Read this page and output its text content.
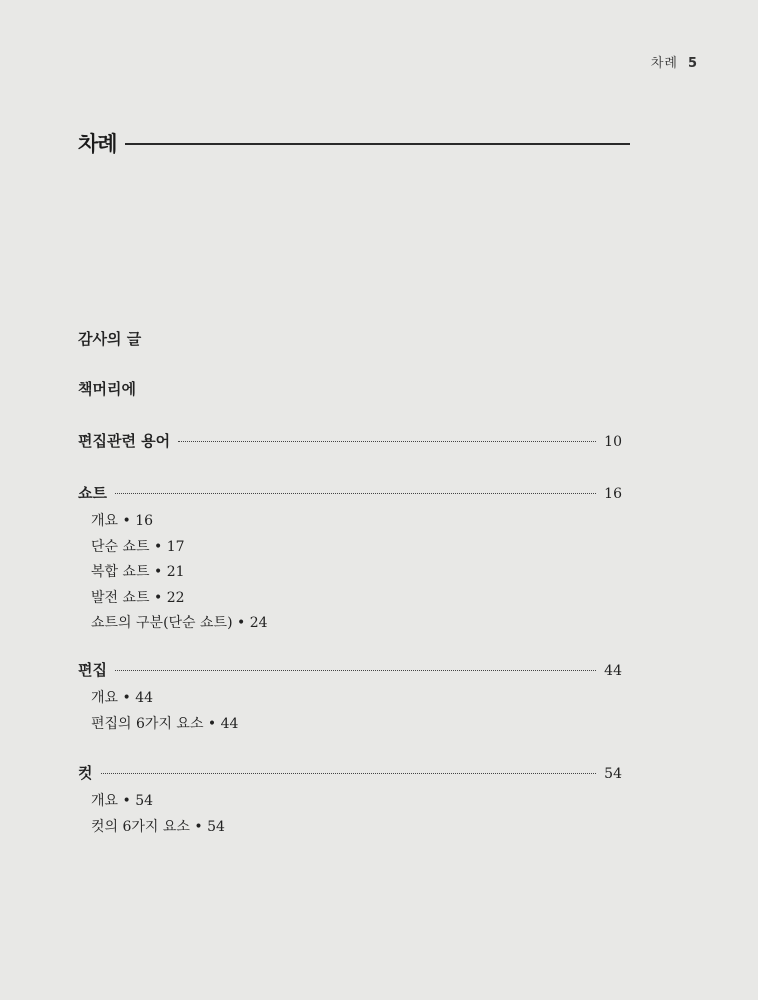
차례 5
차례
감사의 글
책머리에
편집관련 용어	10
쇼트	16
개요 • 16
단순 쇼트 • 17
복합 쇼트 • 21
발전 쇼트 • 22
쇼트의 구분(단순 쇼트) • 24
편집	44
개요 • 44
편집의 6가지 요소 • 44
컷	54
개요 • 54
컷의 6가지 요소 • 54
